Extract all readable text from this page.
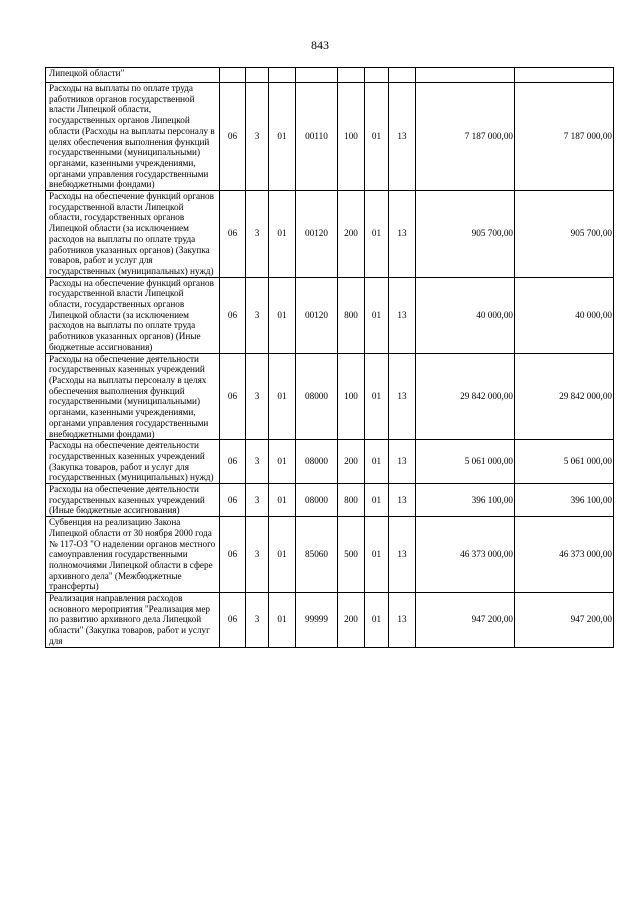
843
Липецкой области"									
Расходы на выплаты по оплате труда работников органов государственной власти Липецкой области, государственных органов Липецкой области (Расходы на выплаты персоналу в целях обеспечения выполнения функций государственными (муниципальными) органами, казенными учреждениями, органами управления государственными внебюджетными фондами)	06	3	01	00110	100	01	13	7 187 000,00	7 187 000,00
Расходы на обеспечение функций органов государственной власти Липецкой области, государственных органов Липецкой области (за исключением расходов на выплаты по оплате труда работников указанных органов) (Закупка товаров, работ и услуг для государственных (муниципальных) нужд)	06	3	01	00120	200	01	13	905 700,00	905 700,00
Расходы на обеспечение функций органов государственной власти Липецкой области, государственных органов Липецкой области (за исключением расходов на выплаты по оплате труда работников указанных органов) (Иные бюджетные ассигнования)	06	3	01	00120	800	01	13	40 000,00	40 000,00
Расходы на обеспечение деятельности государственных казенных учреждений (Расходы на выплаты персоналу в целях обеспечения выполнения функций государственными (муниципальными) органами, казенными учреждениями, органами управления государственными внебюджетными фондами)	06	3	01	08000	100	01	13	29 842 000,00	29 842 000,00
Расходы на обеспечение деятельности государственных казенных учреждений (Закупка товаров, работ и услуг для государственных (муниципальных) нужд)	06	3	01	08000	200	01	13	5 061 000,00	5 061 000,00
Расходы на обеспечение деятельности государственных казенных учреждений (Иные бюджетные ассигнования)	06	3	01	08000	800	01	13	396 100,00	396 100,00
Субвенция на реализацию Закона Липецкой области от 30 ноября 2000 года № 117-ОЗ "О наделении органов местного самоуправления государственными полномочиями Липецкой области в сфере архивного дела" (Межбюджетные трансферты)	06	3	01	85060	500	01	13	46 373 000,00	46 373 000,00
Реализация направления расходов основного мероприятия "Реализация мер по развитию архивного дела Липецкой области" (Закупка товаров, работ и услуг для	06	3	01	99999	200	01	13	947 200,00	947 200,00
